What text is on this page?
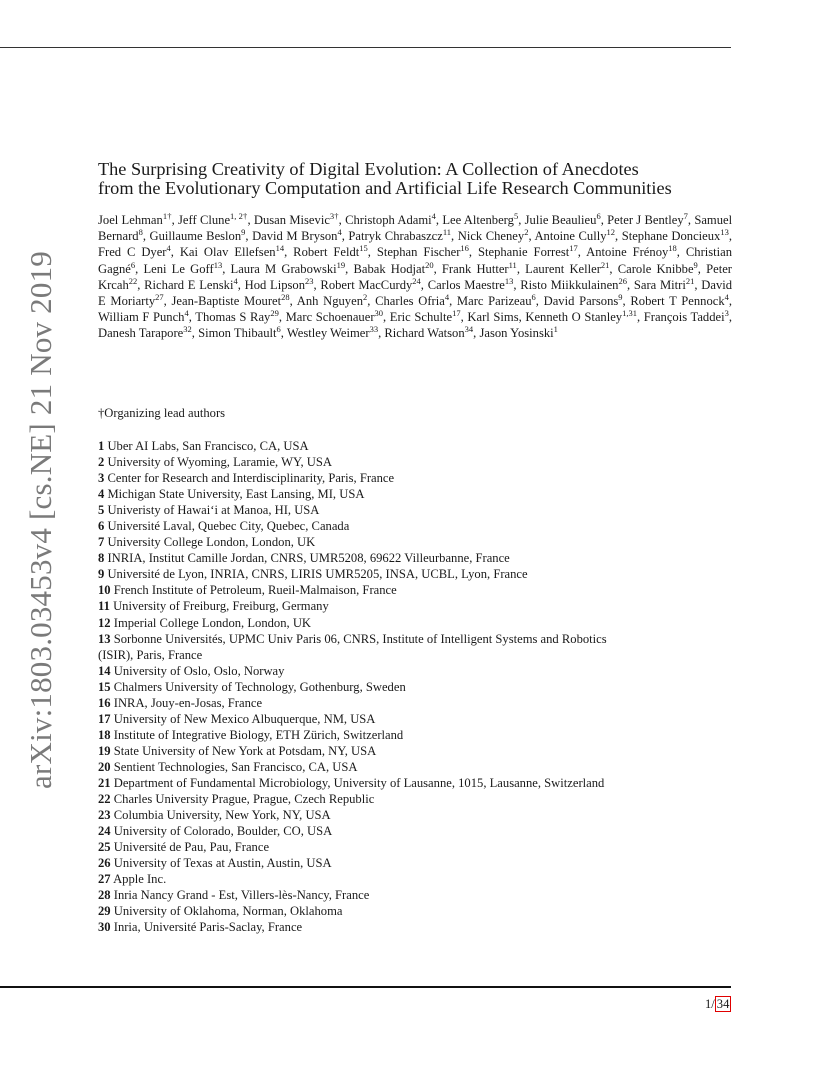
arXiv:1803.03453v4 [cs.NE] 21 Nov 2019
The Surprising Creativity of Digital Evolution: A Collection of Anecdotes
from the Evolutionary Computation and Artificial Life Research Communities
Joel Lehman$^{1\dagger}$, Jeff Clune$^{1, 2\dagger}$, Dusan Misevic$^{3\dagger}$, Christoph Adami$^4$, Lee Altenberg$^5$, Julie Beaulieu$^6$, Peter J Bentley$^7$, Samuel Bernard$^8$, Guillaume Beslon$^9$, David M Bryson$^4$, Patryk Chrabaszcz$^{11}$, Nick Cheney$^2$, Antoine Cully$^{12}$, Stephane Doncieux$^{13}$, Fred C Dyer$^4$, Kai Olav Ellefsen$^{14}$, Robert Feldt$^{15}$, Stephan Fischer$^{16}$, Stephanie Forrest$^{17}$, Antoine Frénoy$^{18}$, Christian Gagné$^6$, Leni Le Goff$^{13}$, Laura M Grabowski$^{19}$, Babak Hodjat$^{20}$, Frank Hutter$^{11}$, Laurent Keller$^{21}$, Carole Knibbe$^9$, Peter Krcah$^{22}$, Richard E Lenski$^4$, Hod Lipson$^{23}$, Robert MacCurdy$^{24}$, Carlos Maestre$^{13}$, Risto Miikkulainen$^{26}$, Sara Mitri$^{21}$, David E Moriarty$^{27}$, Jean-Baptiste Mouret$^{28}$, Anh Nguyen$^2$, Charles Ofria$^4$, Marc Parizeau$^6$, David Parsons$^9$, Robert T Pennock$^4$, William F Punch$^4$, Thomas S Ray$^{29}$, Marc Schoenauer$^{30}$, Eric Schulte$^{17}$, Karl Sims, Kenneth O Stanley$^{1,31}$, François Taddei$^3$, Danesh Tarapore$^{32}$, Simon Thibault$^6$, Westley Weimer$^{33}$, Richard Watson$^{34}$, Jason Yosinski$^1$
†Organizing lead authors
1 Uber AI Labs, San Francisco, CA, USA
2 University of Wyoming, Laramie, WY, USA
3 Center for Research and Interdisciplinarity, Paris, France
4 Michigan State University, East Lansing, MI, USA
5 Univeristy of Hawai‘i at Manoa, HI, USA
6 Université Laval, Quebec City, Quebec, Canada
7 University College London, London, UK
8 INRIA, Institut Camille Jordan, CNRS, UMR5208, 69622 Villeurbanne, France
9 Université de Lyon, INRIA, CNRS, LIRIS UMR5205, INSA, UCBL, Lyon, France
10 French Institute of Petroleum, Rueil-Malmaison, France
11 University of Freiburg, Freiburg, Germany
12 Imperial College London, London, UK
13 Sorbonne Universités, UPMC Univ Paris 06, CNRS, Institute of Intelligent Systems and Robotics
(ISIR), Paris, France
14 University of Oslo, Oslo, Norway
15 Chalmers University of Technology, Gothenburg, Sweden
16 INRA, Jouy-en-Josas, France
17 University of New Mexico Albuquerque, NM, USA
18 Institute of Integrative Biology, ETH Zürich, Switzerland
19 State University of New York at Potsdam, NY, USA
20 Sentient Technologies, San Francisco, CA, USA
21 Department of Fundamental Microbiology, University of Lausanne, 1015, Lausanne, Switzerland
22 Charles University Prague, Prague, Czech Republic
23 Columbia University, New York, NY, USA
24 University of Colorado, Boulder, CO, USA
25 Université de Pau, Pau, France
26 University of Texas at Austin, Austin, USA
27 Apple Inc.
28 Inria Nancy Grand - Est, Villers-lès-Nancy, France
29 University of Oklahoma, Norman, Oklahoma
30 Inria, Université Paris-Saclay, France
1/ 34
